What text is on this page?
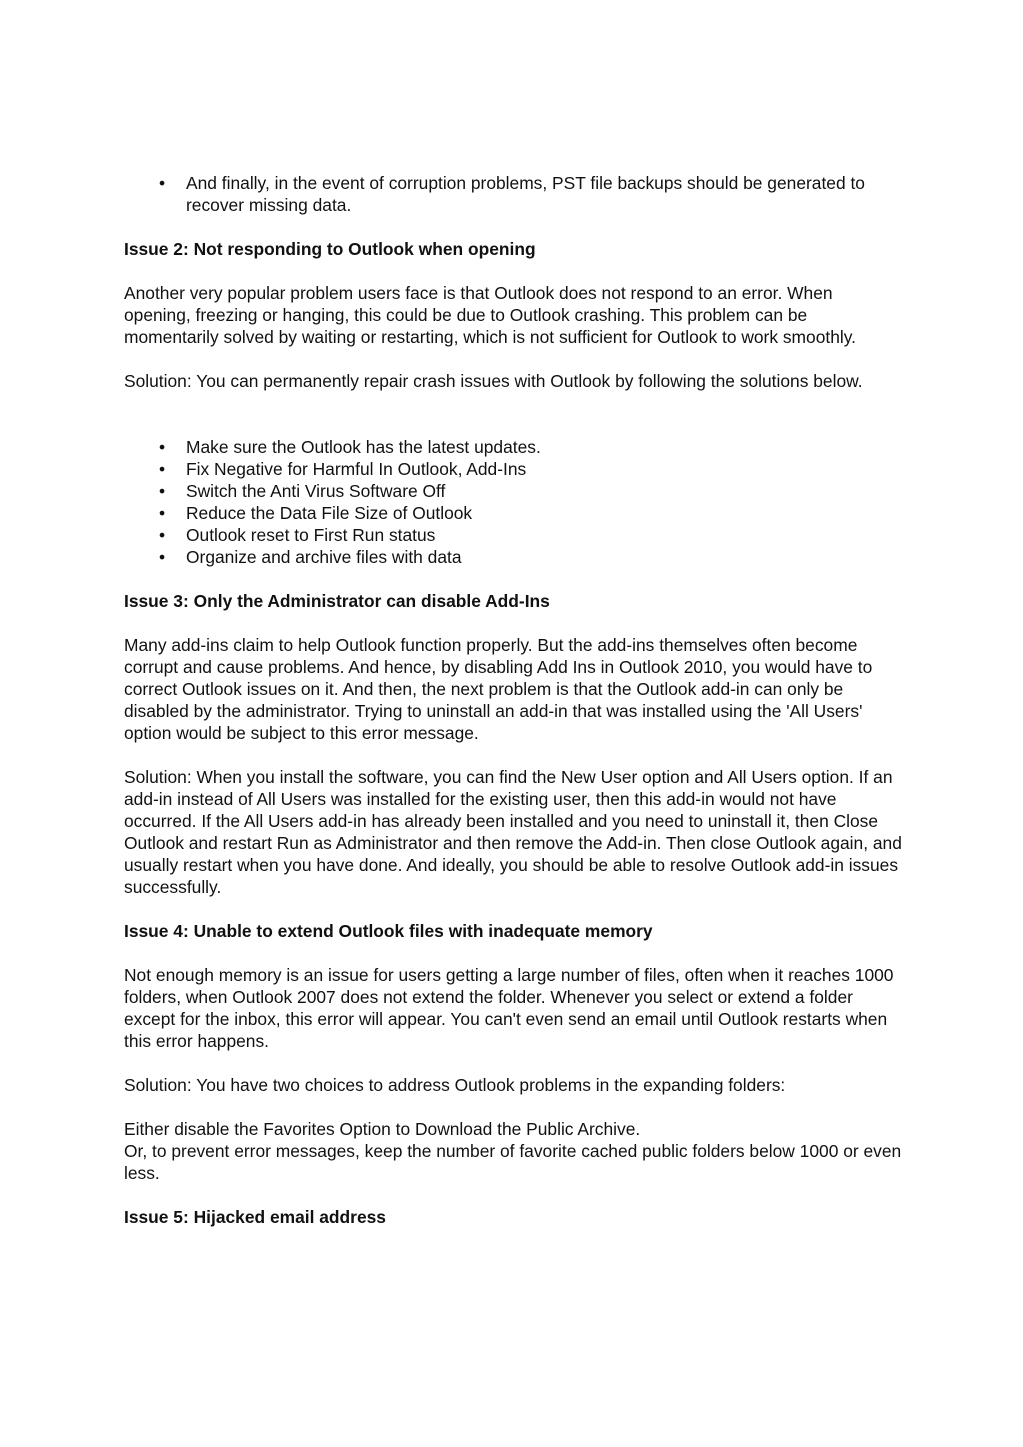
• And finally, in the event of corruption problems, PST file backups should be generated to recover missing data.
Issue 2: Not responding to Outlook when opening

Another very popular problem users face is that Outlook does not respond to an error. When opening, freezing or hanging, this could be due to Outlook crashing. This problem can be momentarily solved by waiting or restarting, which is not sufficient for Outlook to work smoothly.

Solution: You can permanently repair crash issues with Outlook by following the solutions below.

• Make sure the Outlook has the latest updates.
• Fix Negative for Harmful In Outlook, Add-Ins
• Switch the Anti Virus Software Off
• Reduce the Data File Size of Outlook
• Outlook reset to First Run status
• Organize and archive files with data
Issue 3: Only the Administrator can disable Add-Ins

Many add-ins claim to help Outlook function properly. But the add-ins themselves often become corrupt and cause problems. And hence, by disabling Add Ins in Outlook 2010, you would have to correct Outlook issues on it. And then, the next problem is that the Outlook add-in can only be disabled by the administrator. Trying to uninstall an add-in that was installed using the 'All Users' option would be subject to this error message.

Solution: When you install the software, you can find the New User option and All Users option. If an add-in instead of All Users was installed for the existing user, then this add-in would not have occurred. If the All Users add-in has already been installed and you need to uninstall it, then Close Outlook and restart Run as Administrator and then remove the Add-in. Then close Outlook again, and usually restart when you have done. And ideally, you should be able to resolve Outlook add-in issues successfully.

Issue 4: Unable to extend Outlook files with inadequate memory

Not enough memory is an issue for users getting a large number of files, often when it reaches 1000 folders, when Outlook 2007 does not extend the folder. Whenever you select or extend a folder except for the inbox, this error will appear. You can't even send an email until Outlook restarts when this error happens.

Solution: You have two choices to address Outlook problems in the expanding folders:

Either disable the Favorites Option to Download the Public Archive.

Or, to prevent error messages, keep the number of favorite cached public folders below 1000 or even less.

Issue 5: Hijacked email address
